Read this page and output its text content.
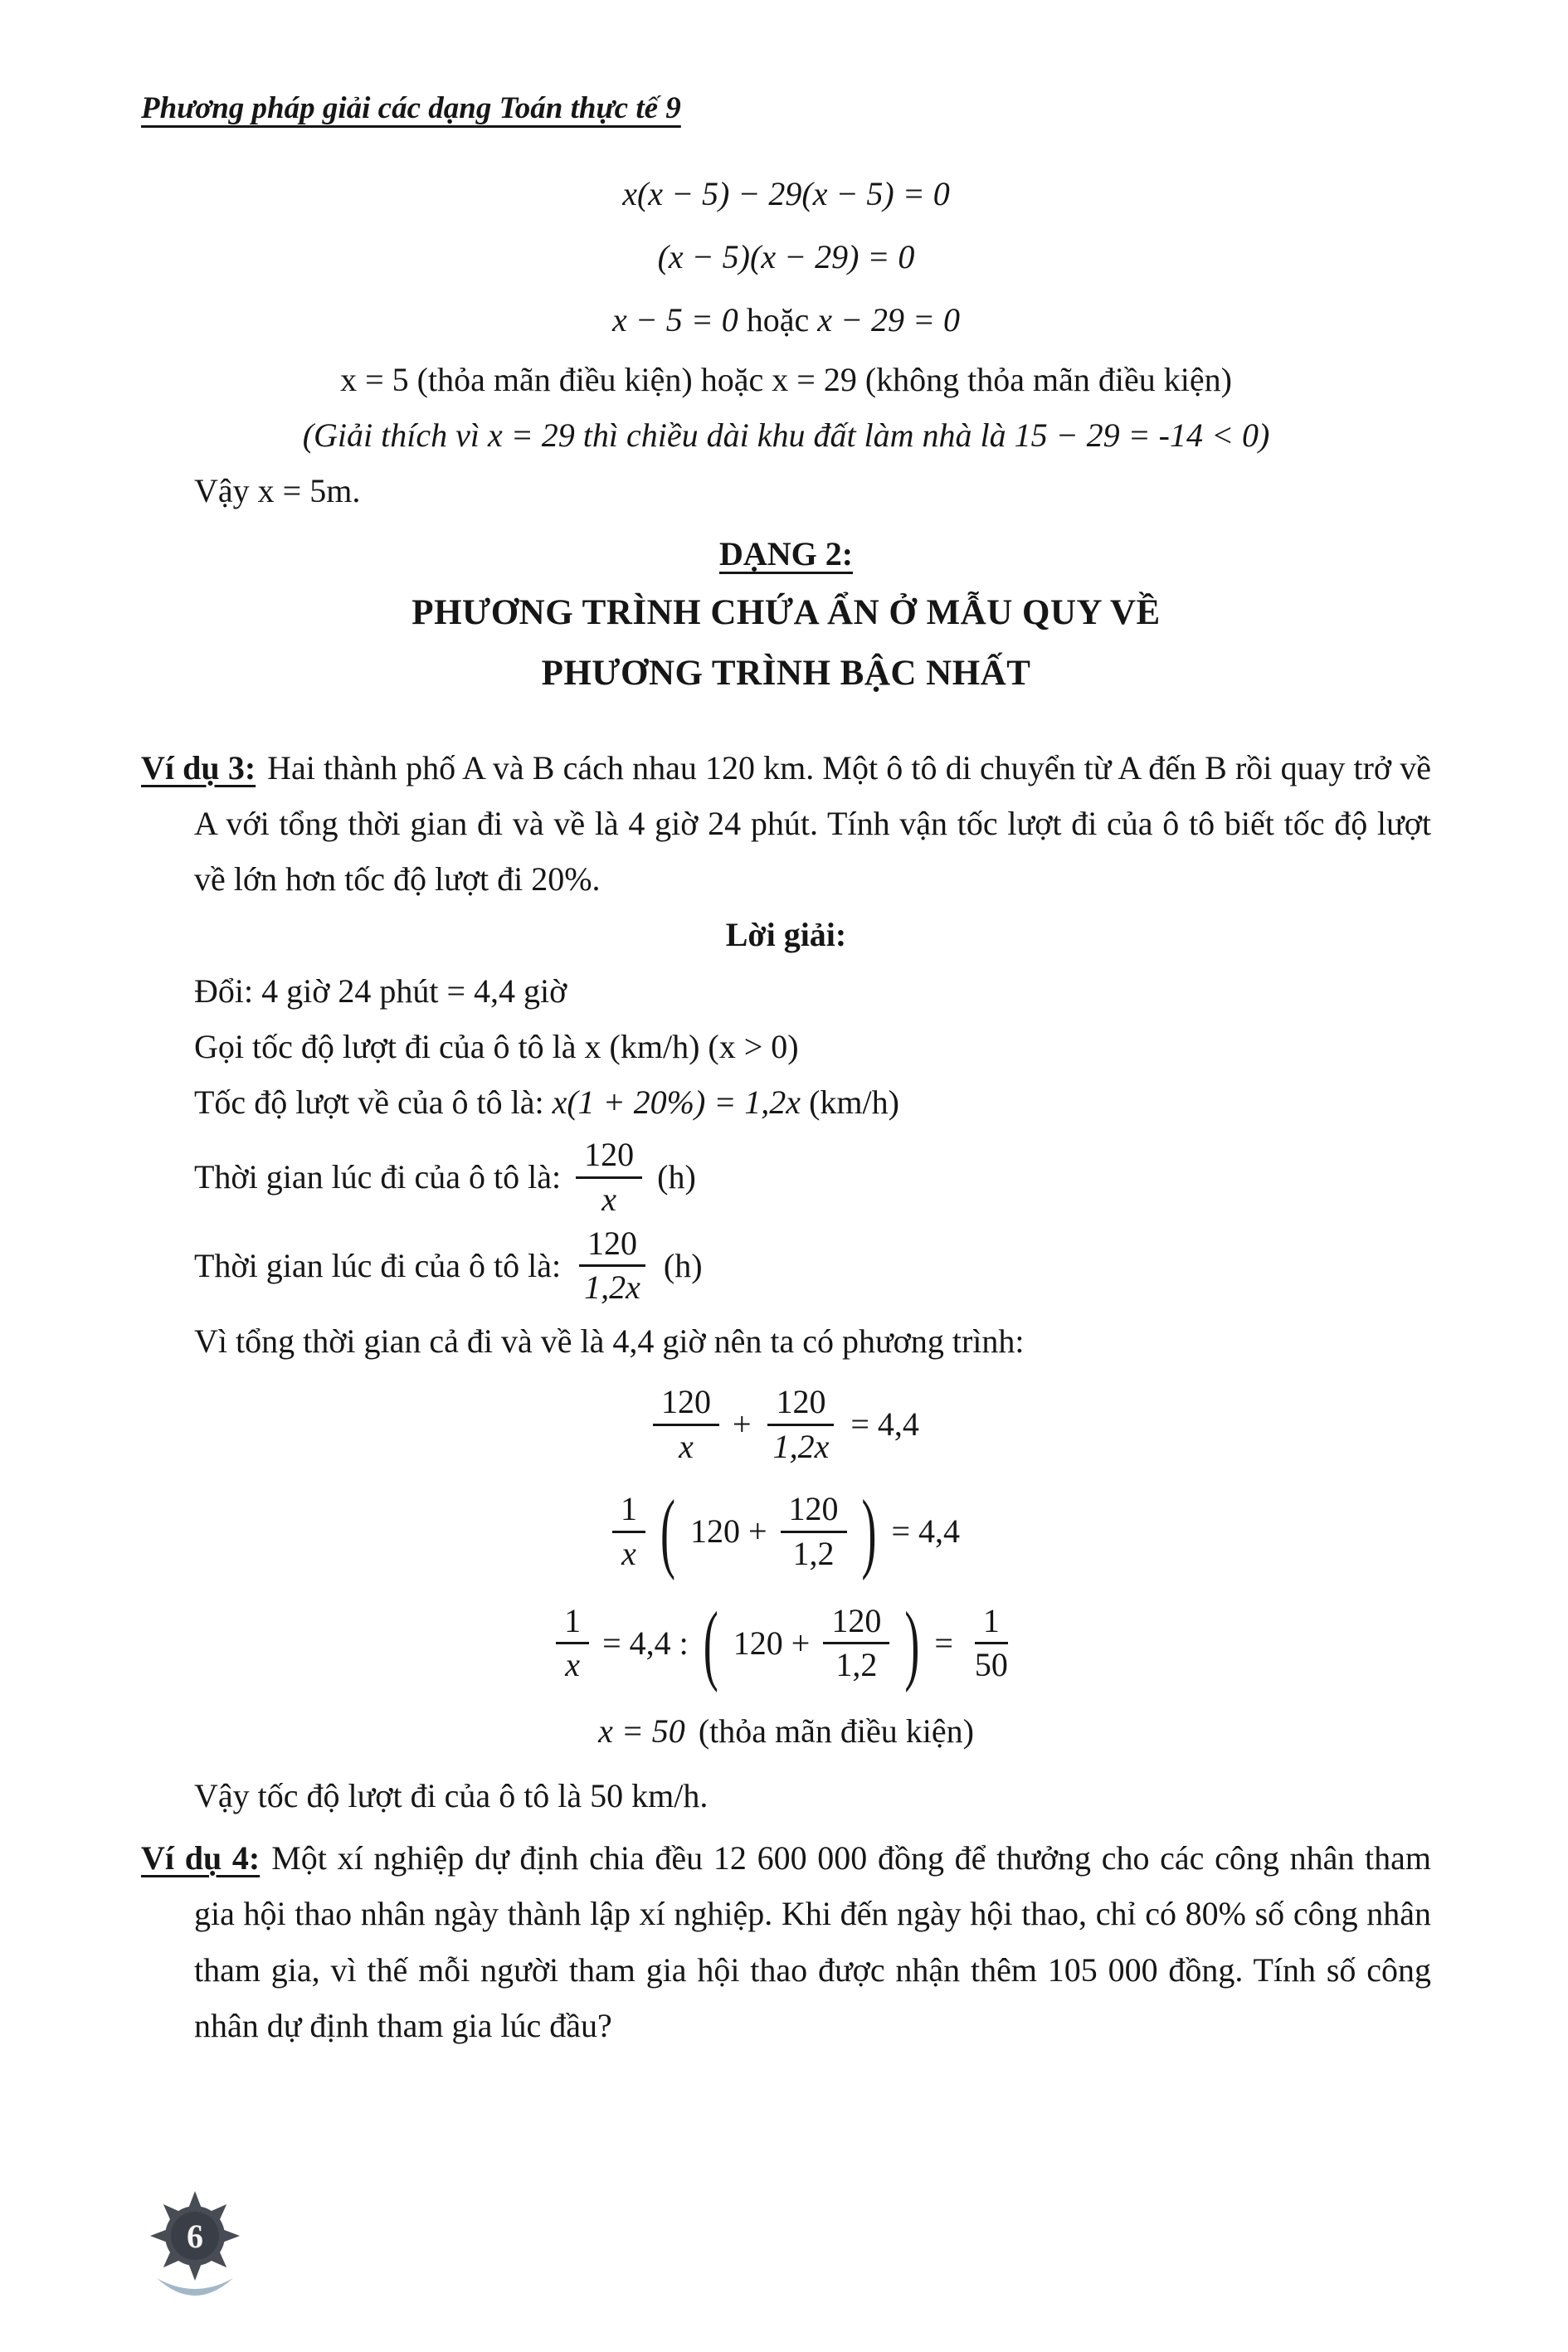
Phương pháp giải các dạng Toán thực tế 9
x(x − 5) − 29(x − 5) = 0
(x − 5)(x − 29) = 0
x − 5 = 0 hoặc x − 29 = 0
x = 5 (thỏa mãn điều kiện) hoặc x = 29 (không thỏa mãn điều kiện)
(Giải thích vì x = 29 thì chiều dài khu đất làm nhà là 15 − 29 = -14 < 0)
Vậy x = 5m.
DẠNG 2:
PHƯƠNG TRÌNH CHỨA ẨN Ở MẪU QUY VỀ
PHƯƠNG TRÌNH BẬC NHẤT

Ví dụ 3: Hai thành phố A và B cách nhau 120 km. Một ô tô di chuyển từ A đến B rồi quay trở về A với tổng thời gian đi và về là 4 giờ 24 phút. Tính vận tốc lượt đi của ô tô biết tốc độ lượt về lớn hơn tốc độ lượt đi 20%.

Lời giải:
Đổi: 4 giờ 24 phút = 4,4 giờ
Gọi tốc độ lượt đi của ô tô là x (km/h) (x > 0)
Tốc độ lượt về của ô tô là: x(1 + 20%) = 1,2x (km/h)
Thời gian lúc đi của ô tô là: $\frac{120}{x} (h)$
Thời gian lúc đi của ô tô là: $\frac{120}{1,2x} (h)$
Vì tổng thời gian cả đi và về là 4,4 giờ nên ta có phương trình:
$\frac{120}{x} + \frac{120}{1,2x} = 4,4$
$\frac{1}{x}$ ( $120 + \frac{120}{1,2}$ ) = 4,4
$\frac{1}{x} = 4,4$ : ( $120 + \frac{120}{1,2}$ ) = $\frac{1}{50}$
x = 50 (thỏa mãn điều kiện)
Vậy tốc độ lượt đi của ô tô là 50 km/h.

Ví dụ 4: Một xí nghiệp dự định chia đều 12 600 000 đồng để thưởng cho các công nhân tham gia hội thao nhân ngày thành lập xí nghiệp. Khi đến ngày hội thao, chỉ có 80% số công nhân tham gia, vì thế mỗi người tham gia hội thao được nhận thêm 105 000 đồng. Tính số công nhân dự định tham gia lúc đầu?

6
